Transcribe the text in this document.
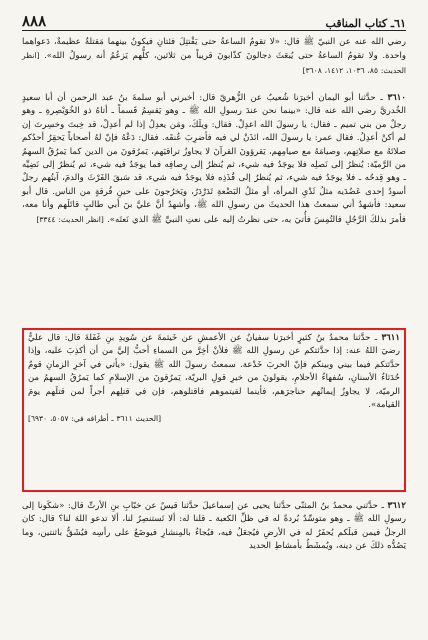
٨٨٨	٦١ـ كتاب المناقب

رضي الله عنه عن النبيّ ﷺ قال: «لا تقومُ الساعةُ حتى يَقْتتِلَ فئتانِ فيكونُ بينهما مَقتلةٌ عظيمةٌ، دَعواهما واحدة. ولا تقومُ الساعةُ حتى يُبعَثَ دجالونَ كذّابونَ قريباً من ثلاثين، كلُّهم يَزعُمُ أنه رسولُ الله». [انظر الحديث: ٨٥، ١٠٣٦، ١٤١٢، ٣٦٠٨]

٣٦١٠ ـ حدَّثنا أبو اليمان أخبرَنا شُعيبٌ عن الزُّهريّ قال: أخبرني أبو سلمةَ بنُ عبد الرحمن أن أبا سعيدٍ الخُدريَّ رضي الله عنه قال: «بينما نحن عندَ رسولِ الله ﷺ ـ وهو يَقسِمُ قَسماً ـ أتاهُ ذو الخُوَيْصِرةِ ـ وهو رجلٌ من بني تميم ـ فقال: يا رسولَ الله اعدِلْ. فقال: ويلَكَ، ومَن يعدِلُ إذا لم أعدِلْ، قد خِبتَ وخسِرتَ إن لم أكنْ أعدِلُ. فقال عمر: يا رسولَ الله، ائذَنْ لي فيه فأضرِبَ عُنقَه. فقال: دَعْهُ فإنّ لهُ أصحاباً يَحقِرُ أحدُكم صلاتَهُ مع صلاتِهم، وصيامَهُ مع صيامِهم، يَقرؤونَ القرآنَ لا يجاوزُ تراقيَهم، يَمرُقونَ من الدين كما يَمرُقُ السهمُ من الرَّميّة: يُنظرُ إلى نَصلِه فلا يوجَدُ فيه شيء، ثم يُنظرُ إلى رِصافِه فما يوجَدُ فيه شيء، ثم يُنظرُ إلى نَضِيِّه ـ وهو قِدحُه ـ فلا يوجَدُ فيه شيء، ثم يُنظرُ إلى قُذَذِه فلا يوجَدُ فيه شيء، قد سَبقَ الفَرْثَ والدمَ، آيتُهم رجلٌ أسودُ إحدى عَضُدَيه مثلُ ثَدْيِ المرأة، أو مثلُ البَضْعةِ تَدَرْدَرُ، ويَخرُجونَ على حينِ فُرقةٍ من الناس. قال أبو سعيد: فأشهدُ أني سمعتُ هذا الحديثَ من رسولِ الله ﷺ، وأشهدُ أنَّ عليَّ بنَ أبي طالبٍ قاتَلَهم وأنا معه، فأمرَ بذلكَ الرَّجُلِ فالتُمِسَ فأُتيَ به، حتى نظرتُ إليه على نعتِ النبيِّ ﷺ الذي نَعتَه». [انظر الحديث: ٣٣٤٤]

٣٦١١ ـ حدَّثنا محمدُ بنُ كثيرٍ أخبرَنا سفيانُ عن الأعمشِ عن خَيثمةَ عن سُويدِ بنِ غَفَلةَ قال: قال عليٌّ رضيَ اللهُ عنه: إذا حدَّثتكم عن رسولِ الله ﷺ فلأنْ أخِرَّ من السماءِ أحبُّ إليَّ من أن أكذِبَ عليه، وإذا حدَّثتكم فيما بيني وبينكم فإنّ الحربَ خَدْعة. سمعتُ رسولَ الله ﷺ يقول: «يأتي في آخرِ الزمانِ قومٌ حُدَثاءُ الأسنانِ، سُفهاءُ الأحلامِ، يقولونَ من خيرِ قولِ البريّة، يَمرُقونَ من الإسلامِ كما يَمرُقُ السهمُ من الرميّة، لا يجاوزُ إيمانُهم حناجرَهم، فأينما لقيتموهم فاقتلوهم، فإن في قتلِهم أجراً لمن قتلَهم يومَ القيامة».

[الحديث ٣٦١١ ـ أطرافه في: ٥٠٥٧، ٦٩٣٠]

٣٦١٢ ـ حدَّثني محمدُ بنُ المثنّى حدَّثنا يحيى عن إسماعيلَ حدَّثنا قيسٌ عن خبّابِ بنِ الأرتِّ قال: «شكَونا إلى رسولِ الله ﷺ ـ وهو متوسِّدٌ بُردةً له في ظلِّ الكعبة ـ قلنا له: ألا تَستنصِرُ لنا، ألا تدعو اللهَ لنا؟ قال: كان الرجلُ فيمن قبلَكم يُحفَرُ له في الأرضِ فيُجعَلُ فيه، فيُجاءُ بالمِنشارِ فيوضَعُ على رأسِه فيُشَقُّ باثنتين، وما يَصُدُّه ذلكَ عن دينه، ويُمشَطُ بأمشاطِ الحديد
